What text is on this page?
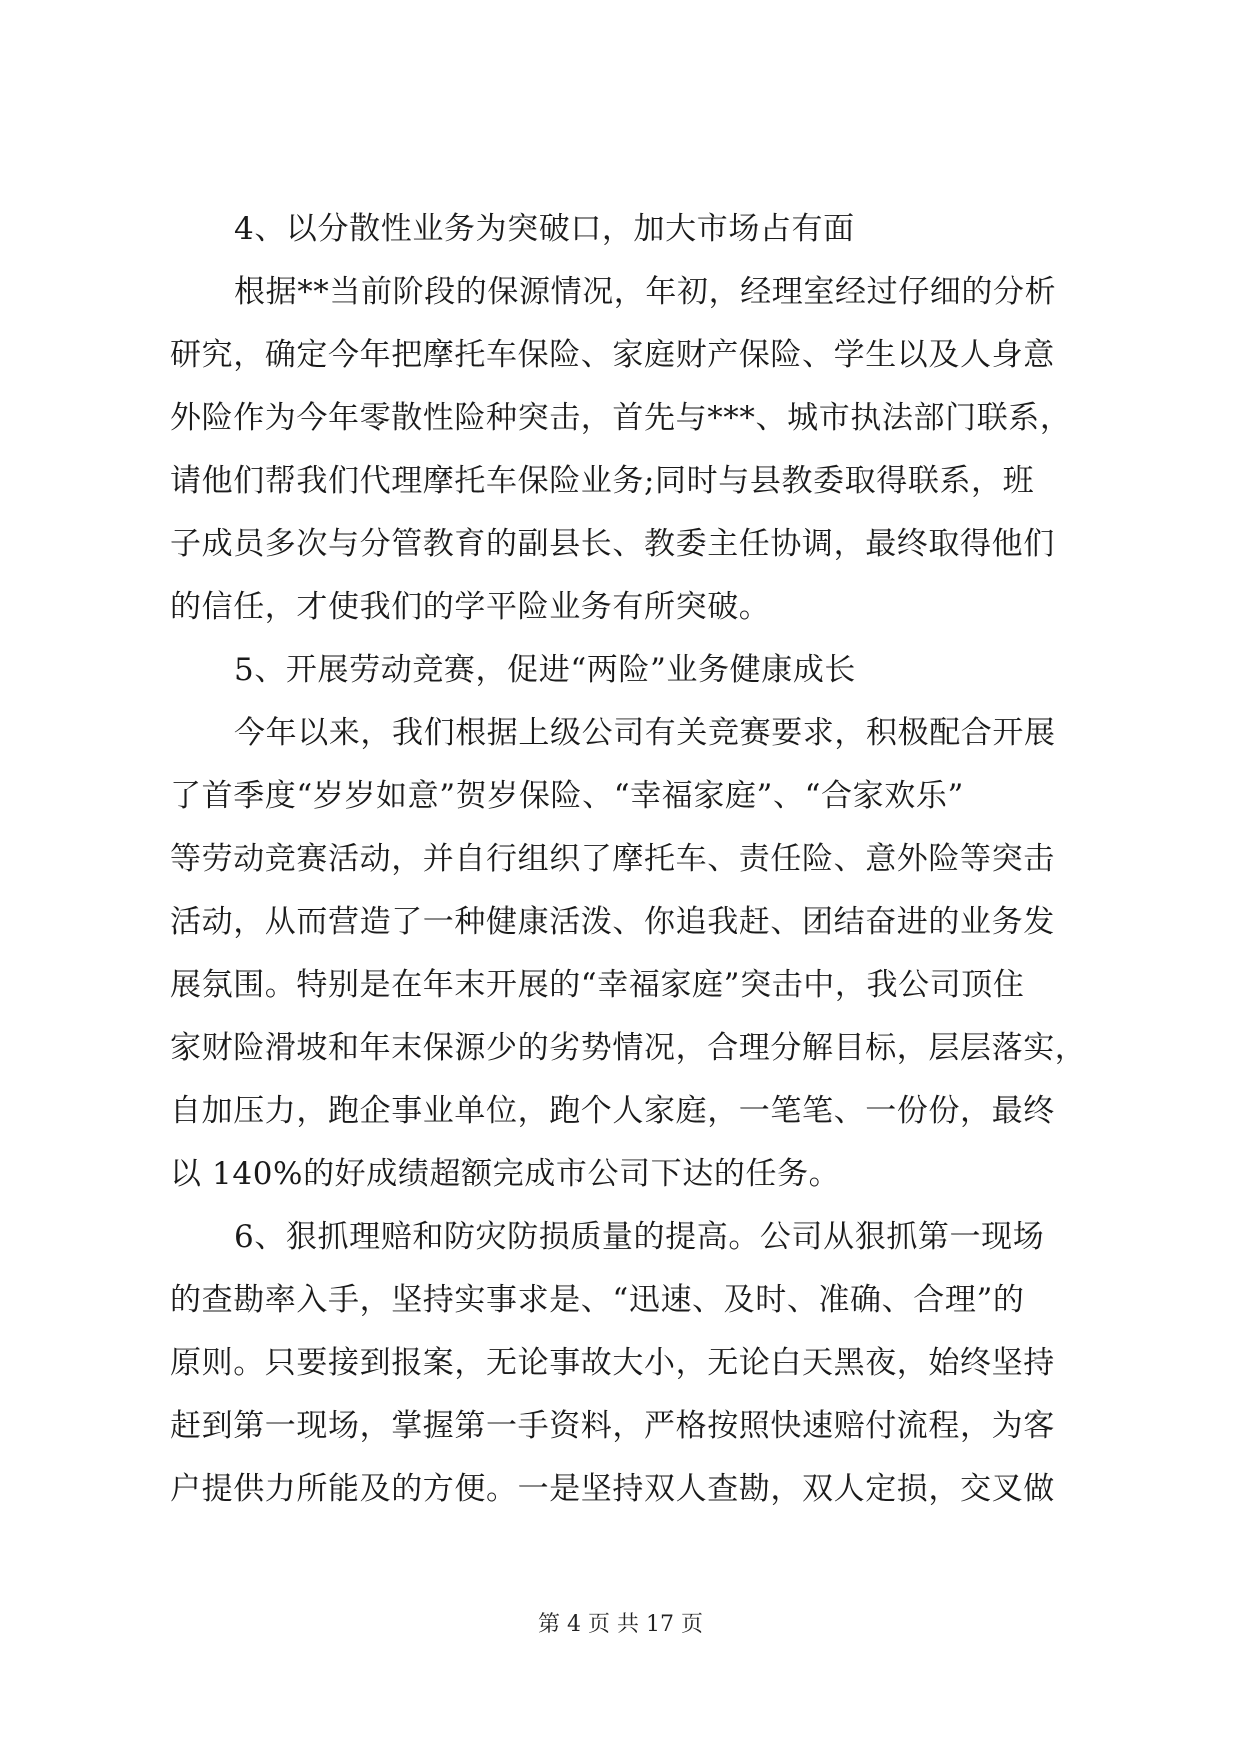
4、以分散性业务为突破口，加大市场占有面
根据**当前阶段的保源情况，年初，经理室经过仔细的分析
研究，确定今年把摩托车保险、家庭财产保险、学生以及人身意
外险作为今年零散性险种突击，首先与***、城市执法部门联系，
请他们帮我们代理摩托车保险业务;同时与县教委取得联系，班
子成员多次与分管教育的副县长、教委主任协调，最终取得他们
的信任，才使我们的学平险业务有所突破。
5、开展劳动竞赛，促进“两险”业务健康成长
今年以来，我们根据上级公司有关竞赛要求，积极配合开展
了首季度“岁岁如意”贺岁保险、“幸福家庭”、“合家欢乐”
等劳动竞赛活动，并自行组织了摩托车、责任险、意外险等突击
活动，从而营造了一种健康活泼、你追我赶、团结奋进的业务发
展氛围。特别是在年末开展的“幸福家庭”突击中，我公司顶住
家财险滑坡和年末保源少的劣势情况，合理分解目标，层层落实，
自加压力，跑企事业单位，跑个人家庭，一笔笔、一份份，最终
以 140%的好成绩超额完成市公司下达的任务。
6、狠抓理赔和防灾防损质量的提高。公司从狠抓第一现场
的查勘率入手，坚持实事求是、“迅速、及时、准确、合理”的
原则。只要接到报案，无论事故大小，无论白天黑夜，始终坚持
赶到第一现场，掌握第一手资料，严格按照快速赔付流程，为客
户提供力所能及的方便。一是坚持双人查勘，双人定损，交叉做
第 4 页 共 17 页
